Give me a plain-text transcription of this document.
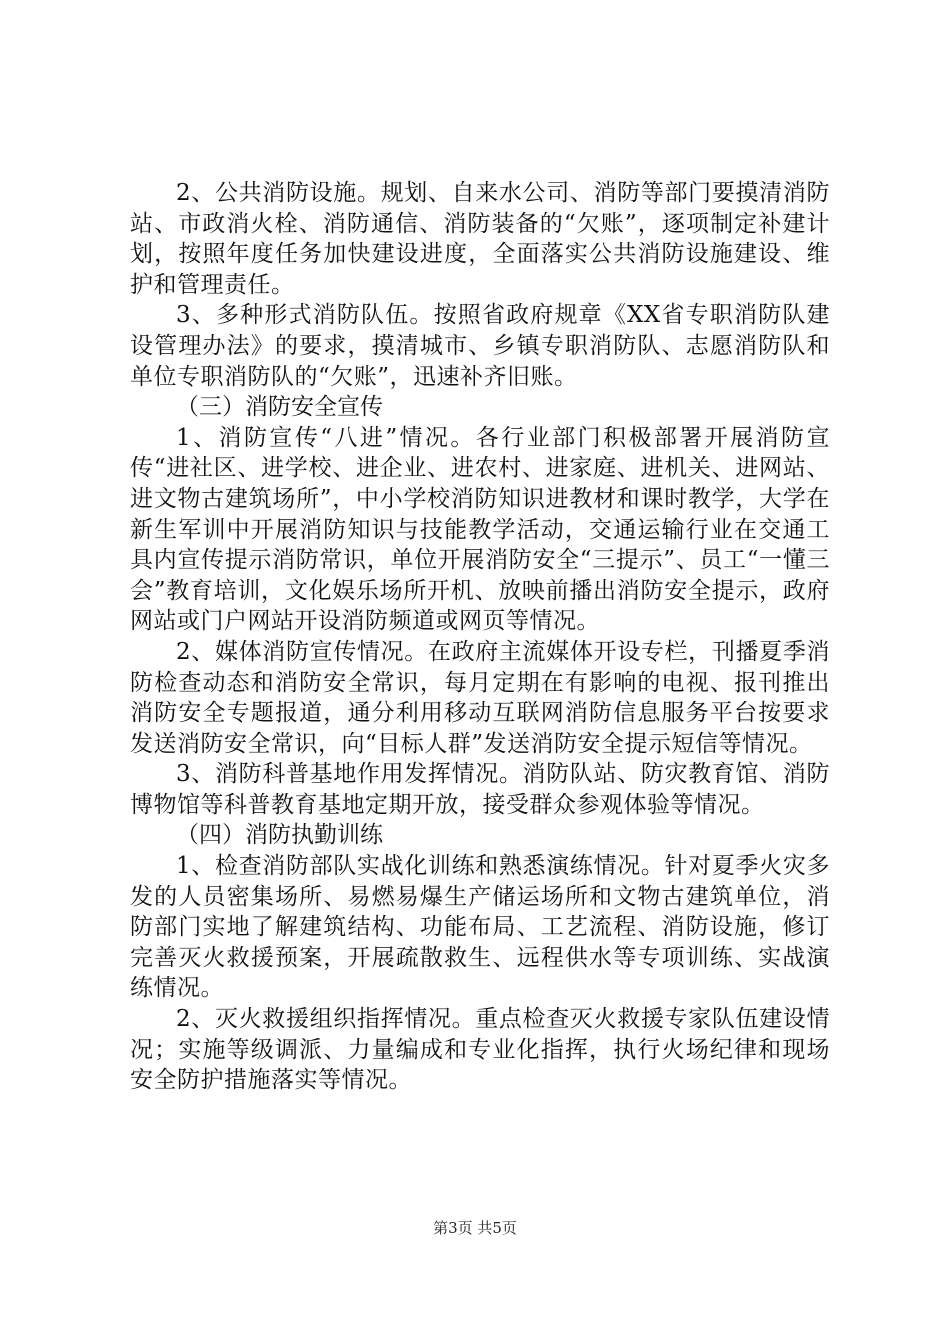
2、公共消防设施。规划、自来水公司、消防等部门要摸清消防站、市政消火栓、消防通信、消防装备的“欠账”，逐项制定补建计划，按照年度任务加快建设进度，全面落实公共消防设施建设、维护和管理责任。

3、多种形式消防队伍。按照省政府规章《XX省专职消防队建设管理办法》的要求，摸清城市、乡镇专职消防队、志愿消防队和单位专职消防队的“欠账”，迅速补齐旧账。

（三）消防安全宣传

1、消防宣传“八进”情况。各行业部门积极部署开展消防宣传“进社区、进学校、进企业、进农村、进家庭、进机关、进网站、进文物古建筑场所”，中小学校消防知识进教材和课时教学，大学在新生军训中开展消防知识与技能教学活动，交通运输行业在交通工具内宣传提示消防常识，单位开展消防安全“三提示”、员工“一懂三会”教育培训，文化娱乐场所开机、放映前播出消防安全提示，政府网站或门户网站开设消防频道或网页等情况。

2、媒体消防宣传情况。在政府主流媒体开设专栏，刊播夏季消防检查动态和消防安全常识，每月定期在有影响的电视、报刊推出消防安全专题报道，通分利用移动互联网消防信息服务平台按要求发送消防安全常识，向“目标人群”发送消防安全提示短信等情况。

3、消防科普基地作用发挥情况。消防队站、防灾教育馆、消防博物馆等科普教育基地定期开放，接受群众参观体验等情况。

（四）消防执勤训练

1、检查消防部队实战化训练和熟悉演练情况。针对夏季火灾多发的人员密集场所、易燃易爆生产储运场所和文物古建筑单位，消防部门实地了解建筑结构、功能布局、工艺流程、消防设施，修订完善灭火救援预案，开展疏散救生、远程供水等专项训练、实战演练情况。

2、灭火救援组织指挥情况。重点检查灭火救援专家队伍建设情况；实施等级调派、力量编成和专业化指挥，执行火场纪律和现场安全防护措施落实等情况。

第3页 共5页
